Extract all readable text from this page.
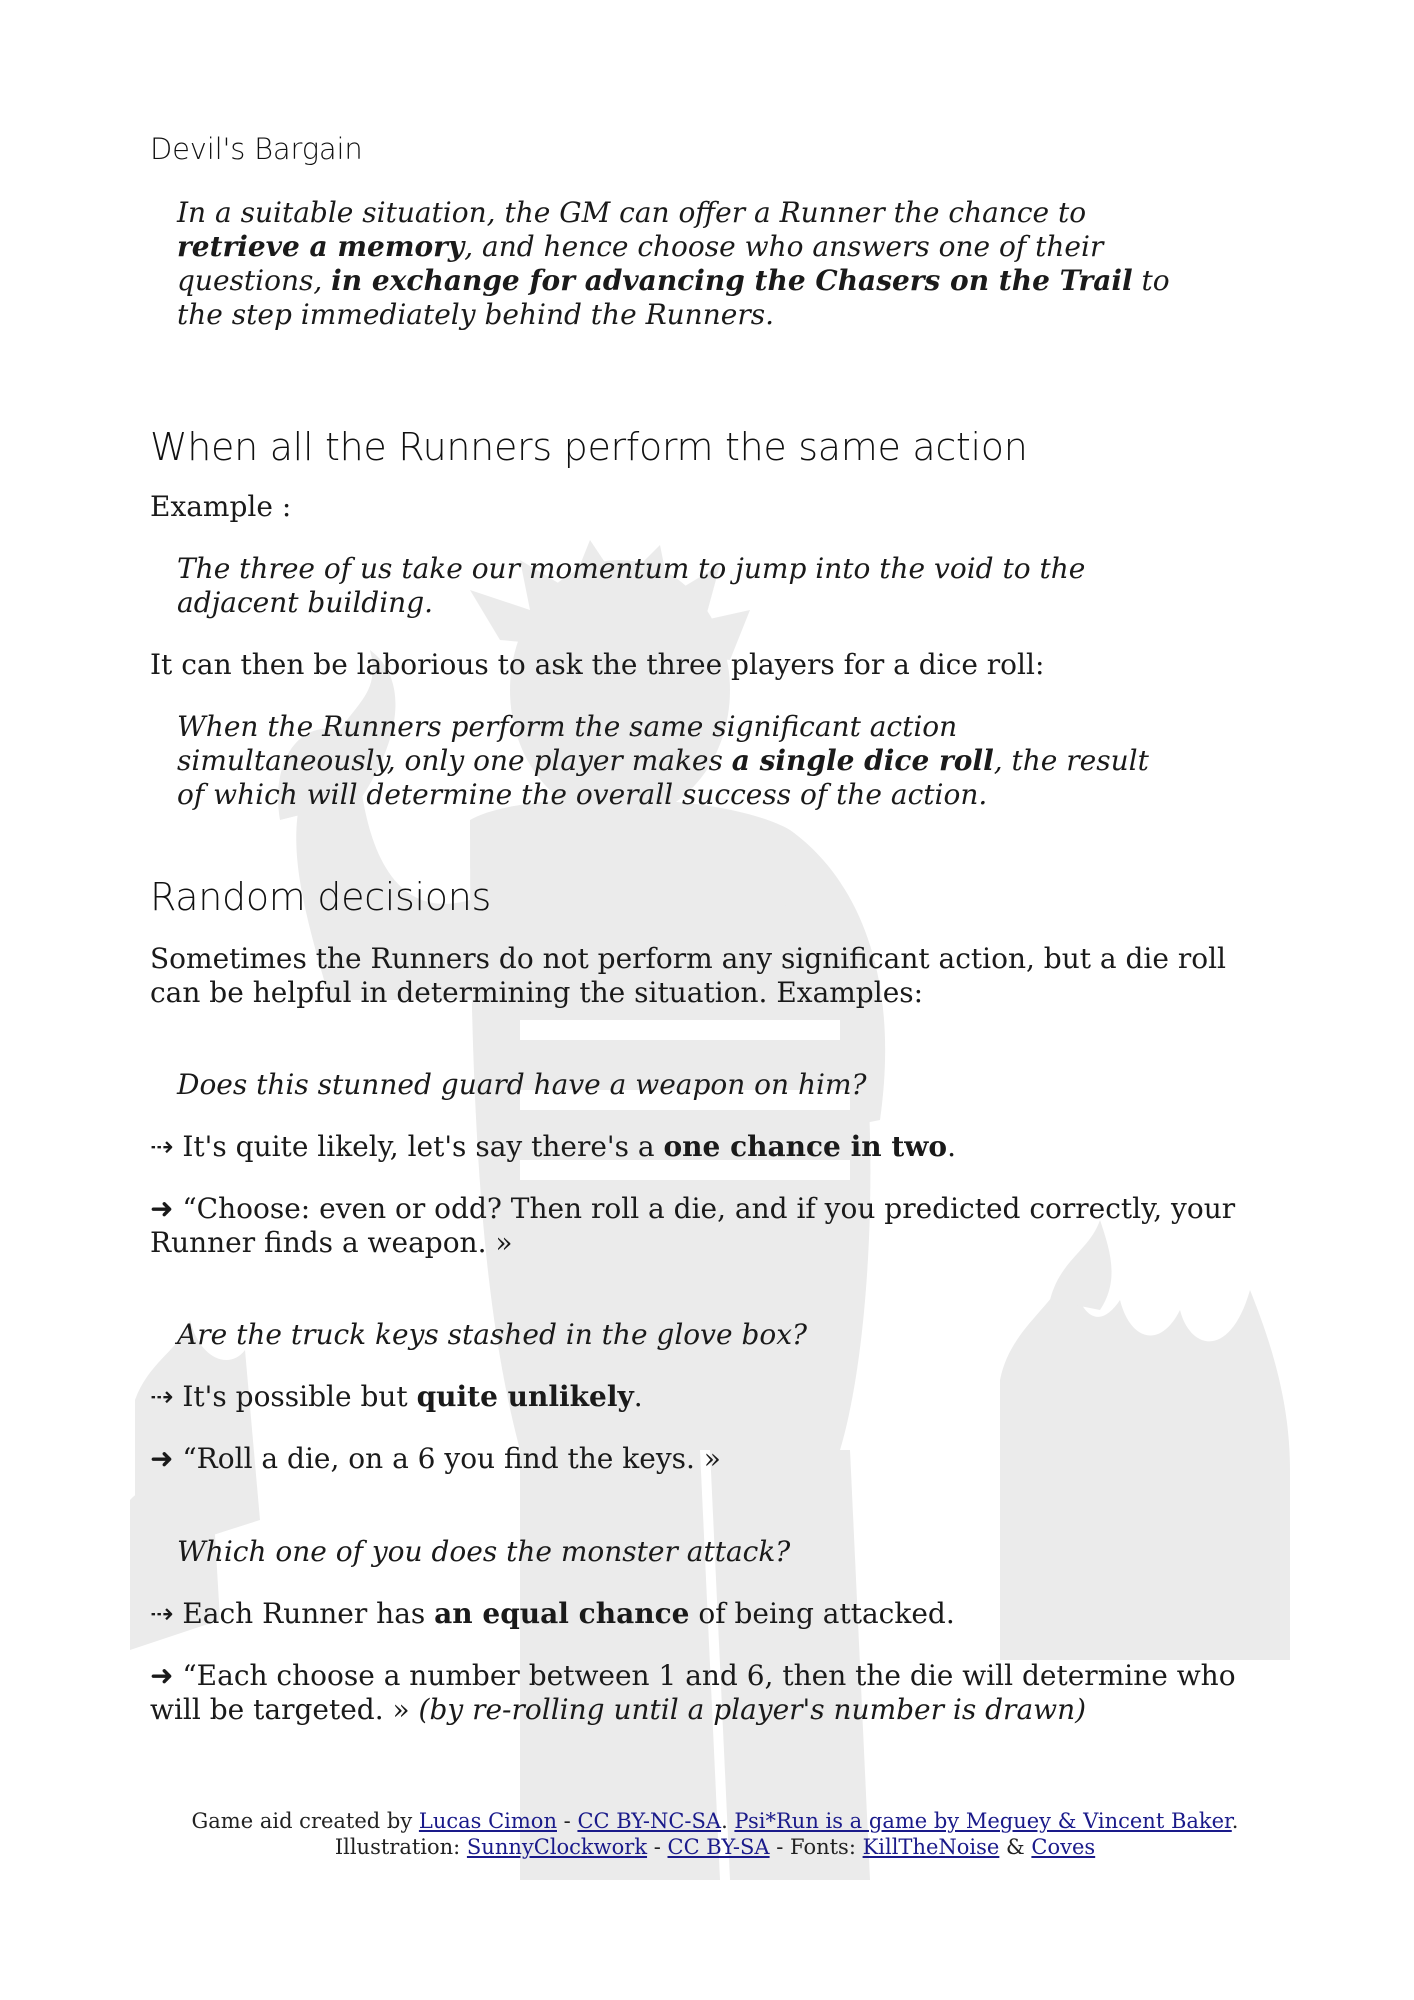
Devil's Bargain
In a suitable situation, the GM can offer a Runner the chance to
retrieve a memory, and hence choose who answers one of their
questions, in exchange for advancing the Chasers on the Trail to
the step immediately behind the Runners.
When all the Runners perform the same action
Example :
The three of us take our momentum to jump into the void to the
adjacent building.
It can then be laborious to ask the three players for a dice roll:
When the Runners perform the same significant action
simultaneously, only one player makes a single dice roll, the result
of which will determine the overall success of the action.
Random decisions
Sometimes the Runners do not perform any significant action, but a die roll
can be helpful in determining the situation. Examples:
Does this stunned guard have a weapon on him?
⇢ It's quite likely, let's say there's a one chance in two.
➜ “Choose: even or odd? Then roll a die, and if you predicted correctly, your
Runner finds a weapon. »
Are the truck keys stashed in the glove box?
⇢ It's possible but quite unlikely.
➜ “Roll a die, on a 6 you find the keys. »
Which one of you does the monster attack?
⇢ Each Runner has an equal chance of being attacked.
➜ “Each choose a number between 1 and 6, then the die will determine who
will be targeted. » (by re-rolling until a player's number is drawn)
Game aid created by Lucas Cimon - CC BY-NC-SA. Psi*Run is a game by Meguey & Vincent Baker.
Illustration: SunnyClockwork - CC BY-SA - Fonts: KillTheNoise & Coves
